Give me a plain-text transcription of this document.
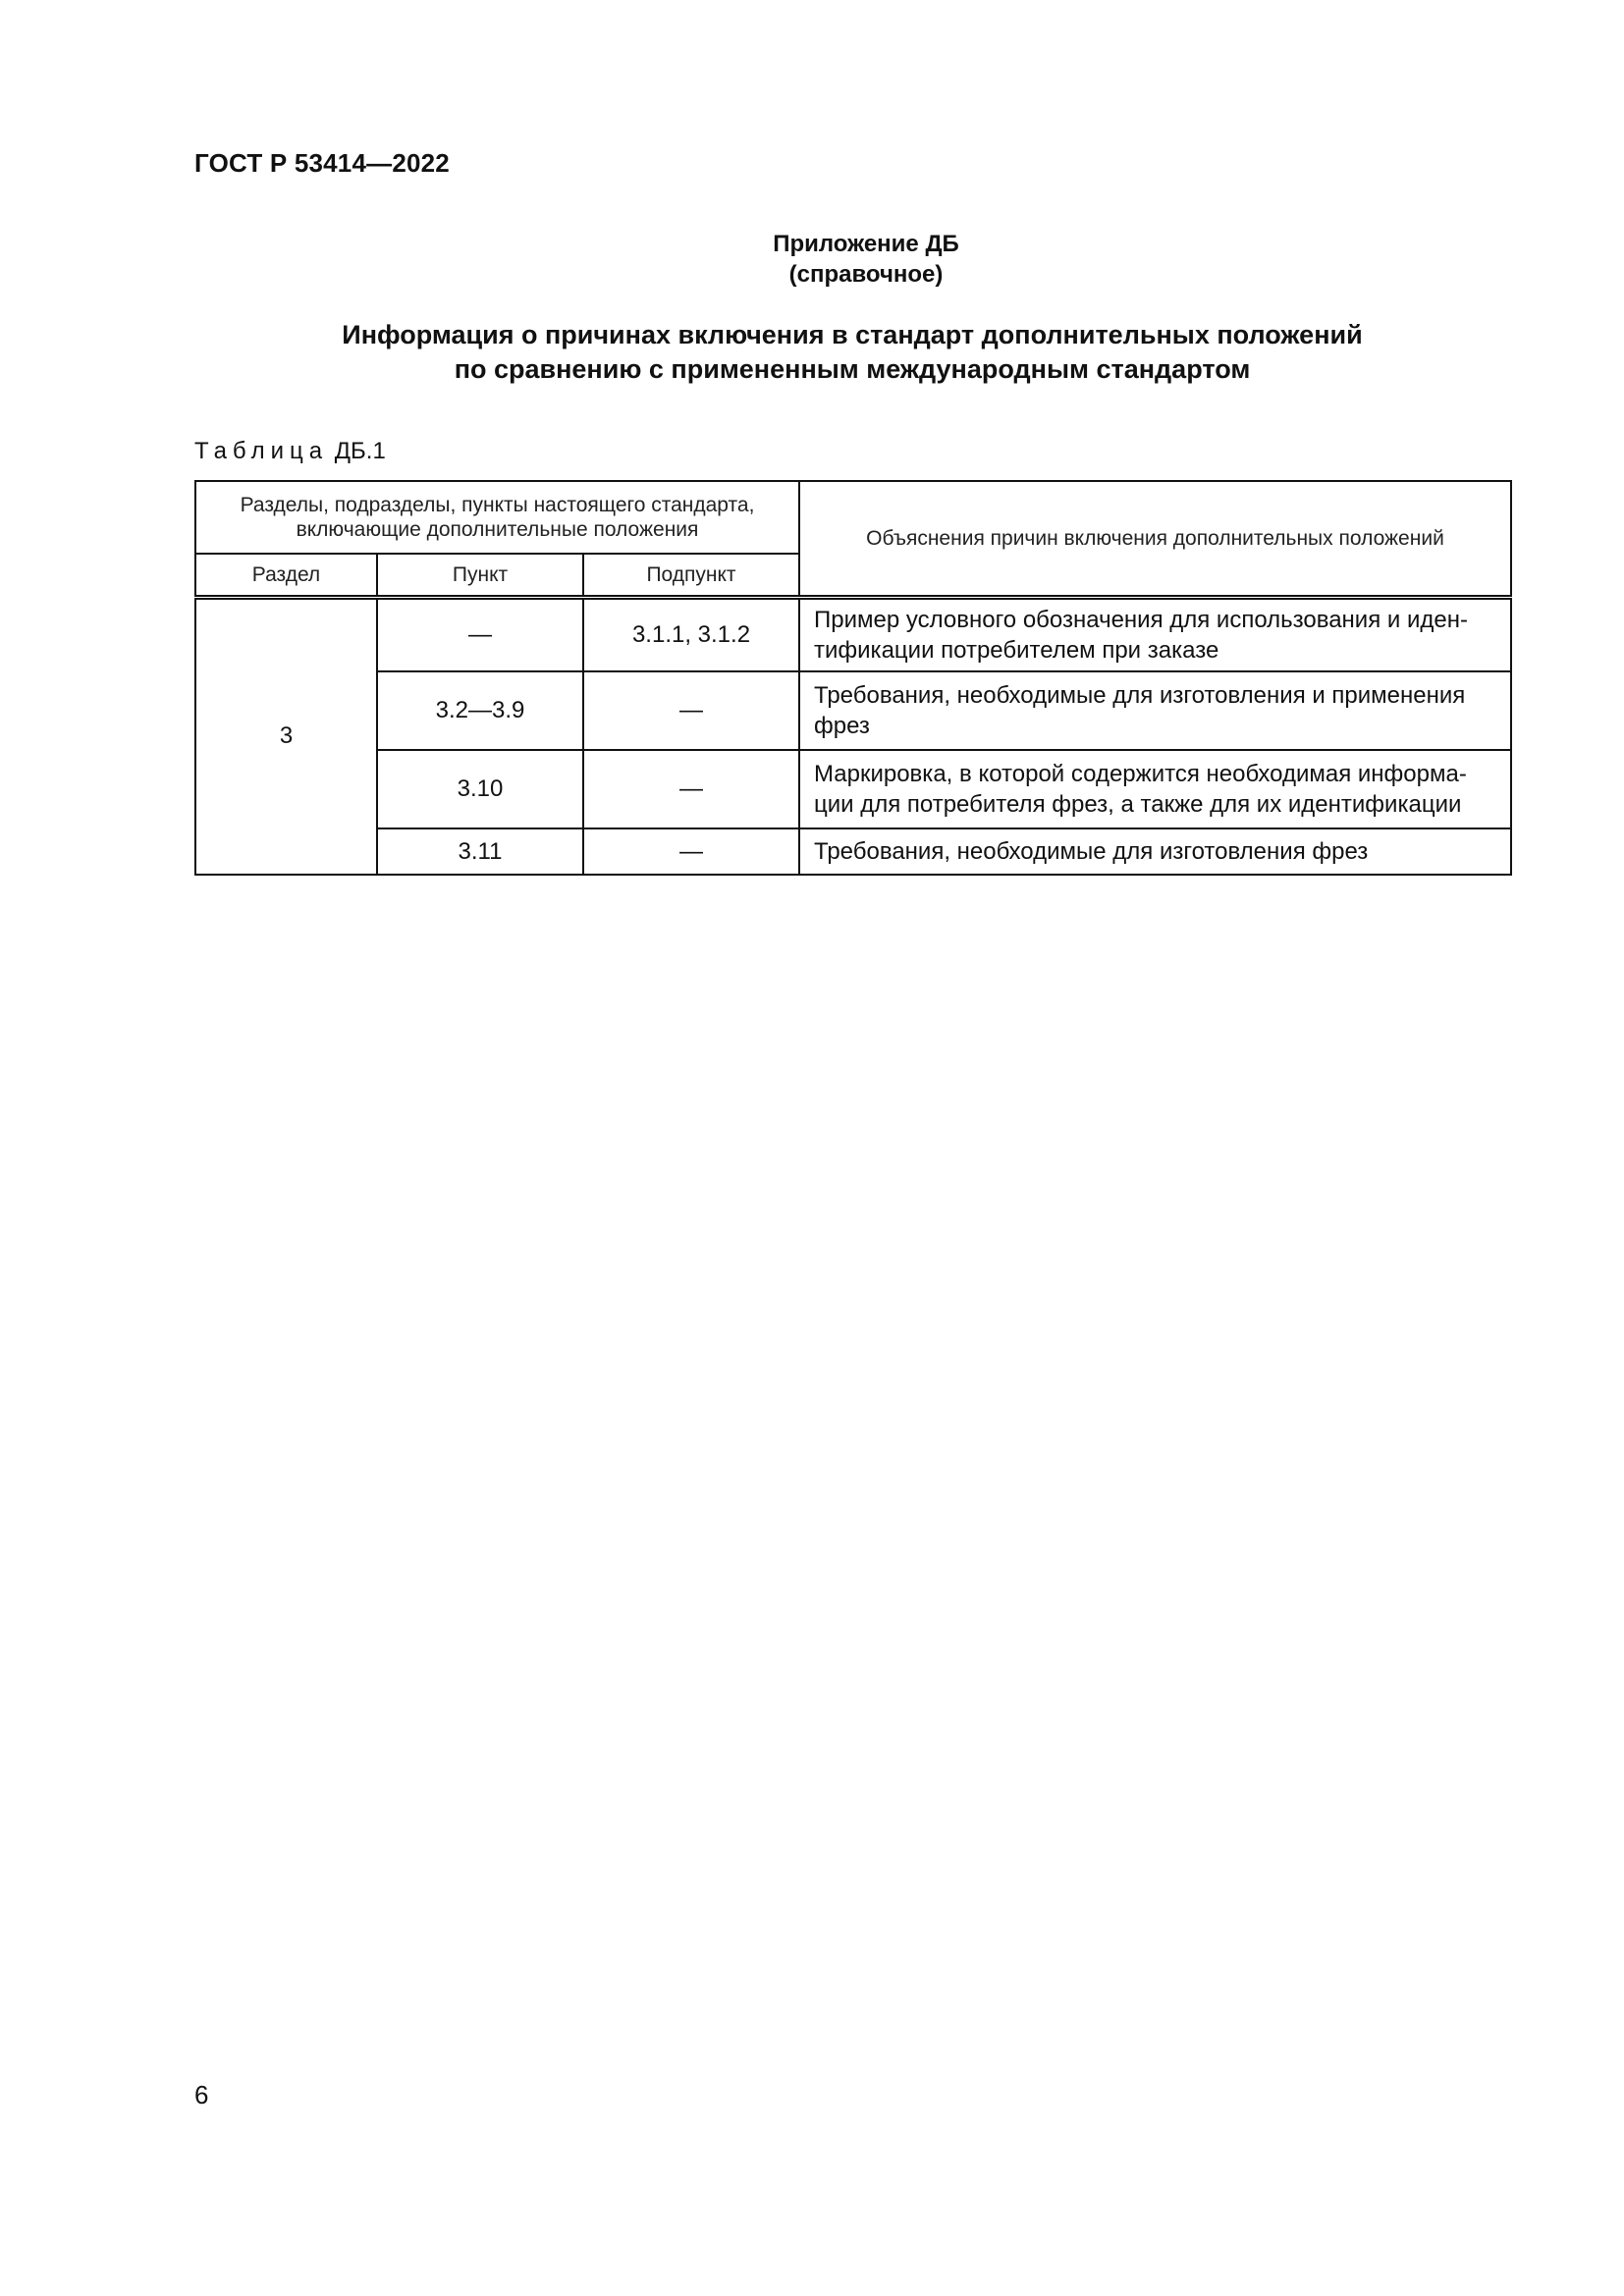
ГОСТ Р 53414—2022
Приложение ДБ
(справочное)
Информация о причинах включения в стандарт дополнительных положений
по сравнению с примененным международным стандартом
Таблица ДБ.1
Разделы, подразделы, пункты настоящего стандарта, включающие дополнительные положения			Объяснения причин включения дополнительных положений
Раздел	Пункт	Подпункт	
3	—	3.1.1, 3.1.2	Пример условного обозначения для использования и иден-тификации потребителем при заказе
	3.2—3.9	—	Требования, необходимые для изготовления и применения фрез
	3.10	—	Маркировка, в которой содержится необходимая информа-ции для потребителя фрез, а также для их идентификации
	3.11	—	Требования, необходимые для изготовления фрез
6
